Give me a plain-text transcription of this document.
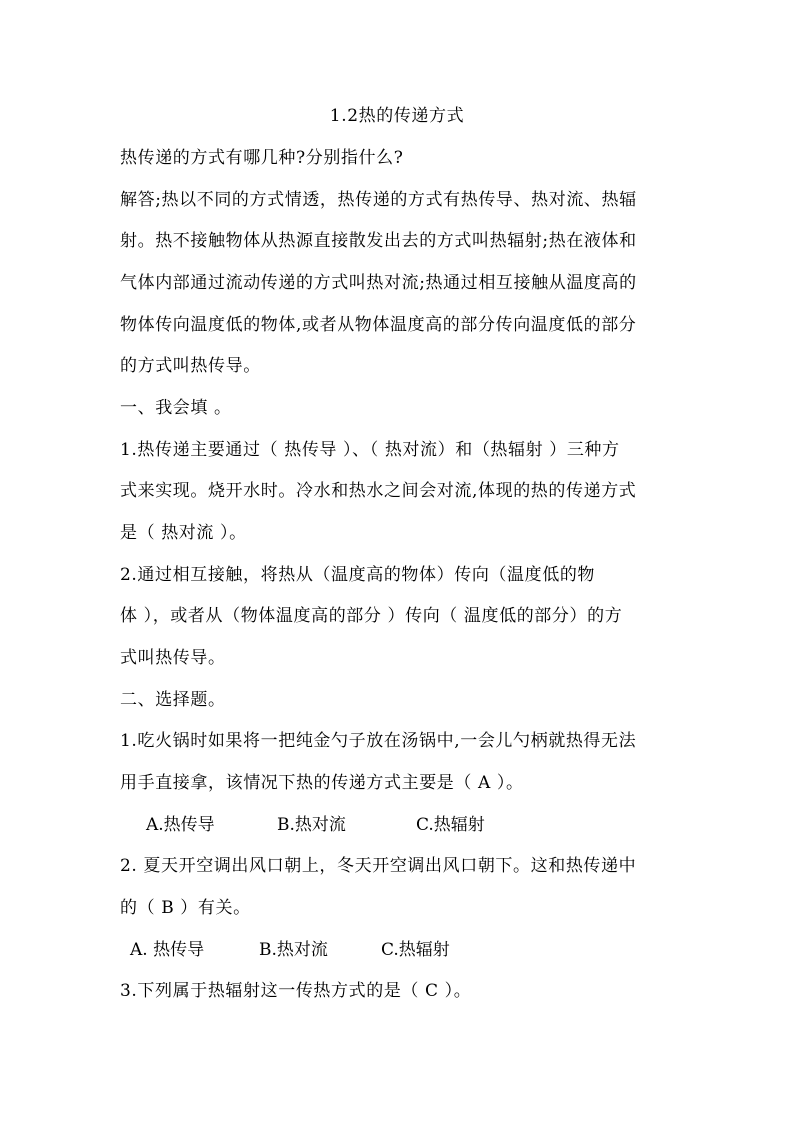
1.2热的传递方式
热传递的方式有哪几种?分别指什么?
解答;热以不同的方式情透，热传递的方式有热传导、热对流、热辐
射。热不接触物体从热源直接散发出去的方式叫热辐射;热在液体和
气体内部通过流动传递的方式叫热对流;热通过相互接触从温度高的
物体传向温度低的物体,或者从物体温度高的部分传向温度低的部分
的方式叫热传导。
一、我会填 。
1.热传递主要通过（ 热传导 ）、（ 热对流）和（热辐射 ）三种方
式来实现。烧开水时。冷水和热水之间会对流,体现的热的传递方式
是（ 热对流 ）。
2.通过相互接触，将热从（温度高的物体）传向（温度低的物
体 ），或者从（物体温度高的部分 ）传向（ 温度低的部分）的方
式叫热传导。
二、选择题。
1.吃火锅时如果将一把纯金勺子放在汤锅中,一会儿勺柄就热得无法
用手直接拿，该情况下热的传递方式主要是（ A ）。
A.热传导	B.热对流	C.热辐射
2. 夏天开空调出风口朝上，冬天开空调出风口朝下。这和热传递中
的（ B ）有关。
A. 热传导	B.热对流	C.热辐射
3.下列属于热辐射这一传热方式的是（ C ）。
